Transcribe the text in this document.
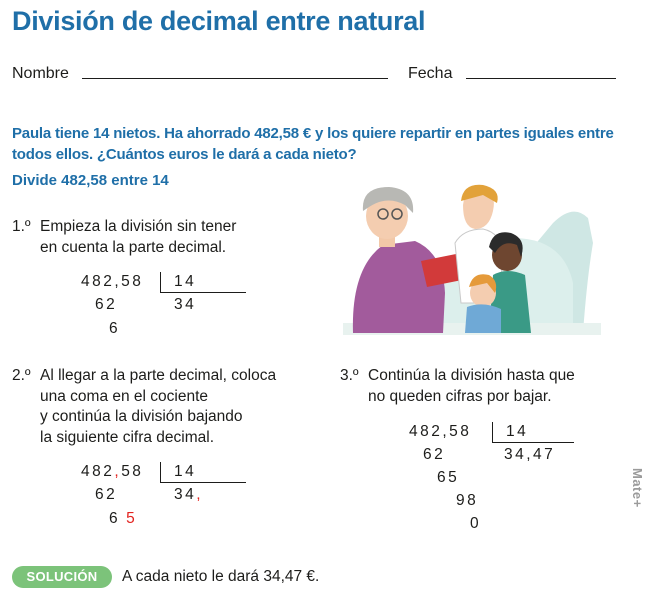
División de decimal entre natural
Nombre	Fecha
Paula tiene 14 nietos. Ha ahorrado 482,58 € y los quiere repartir en partes iguales entre todos ellos. ¿Cuántos euros le dará a cada nieto?
Divide 482,58 entre 14
1.º Empieza la división sin tener
en cuenta la parte decimal.
482,58 14
34
62
6
2.º Al llegar a la parte decimal, coloca
una coma en el cociente
y continúa la división bajando
la siguiente cifra decimal.
482,58 14
34,
62
6 5
3.º Continúa la división hasta que
no queden cifras por bajar.
482,58 14
34,47
62
65
98
0
Mate+
SOLUCIÓN	A cada nieto le dará 34,47 €.
